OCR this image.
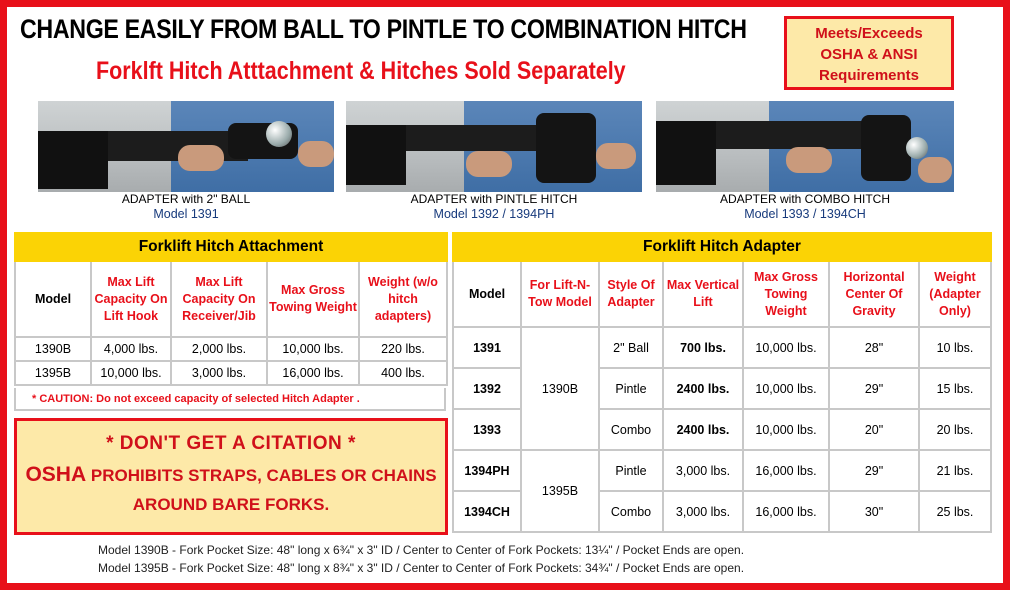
CHANGE EASILY FROM BALL TO PINTLE TO COMBINATION HITCH
Forklft Hitch Atttachment & Hitches Sold Separately
Meets/Exceeds
OSHA & ANSI
Requirements
ADAPTER with 2" BALL
Model 1391
ADAPTER with PINTLE HITCH
Model 1392 / 1394PH
ADAPTER with COMBO HITCH
Model 1393 / 1394CH
Forklift Hitch Attachment				
Model	Max Lift Capacity On Lift Hook	Max Lift Capacity On Receiver/Jib	Max Gross Towing Weight	Weight (w/o hitch adapters)
1390B	4,000 lbs.	2,000 lbs.	10,000 lbs.	220 lbs.
1395B	10,000 lbs.	3,000 lbs.	16,000 lbs.	400 lbs.
* CAUTION: Do not exceed capacity of selected Hitch Adapter .
* DON'T GET A CITATION *
OSHA PROHIBITS STRAPS, CABLES OR CHAINS
AROUND BARE FORKS.
Forklift Hitch Adapter						
Model	For Lift-N-Tow Model	Style Of Adapter	Max Vertical Lift	Max Gross Towing Weight	Horizontal Center Of Gravity	Weight (Adapter Only)
1391	1390B	2" Ball	700 lbs.	10,000 lbs.	28"	10 lbs.
1392		Pintle	2400 lbs.	10,000 lbs.	29"	15 lbs.
1393		Combo	2400 lbs.	10,000 lbs.	20"	20 lbs.
1394PH	1395B	Pintle	3,000 lbs.	16,000 lbs.	29"	21 lbs.
1394CH		Combo	3,000 lbs.	16,000 lbs.	30"	25 lbs.
Model 1390B - Fork Pocket Size: 48" long x 6¾" x 3" ID / Center to Center of Fork Pockets: 13¼" / Pocket Ends are open.
Model 1395B - Fork Pocket Size: 48" long x 8¾" x 3" ID / Center to Center of Fork Pockets: 34¾" / Pocket Ends are open.
